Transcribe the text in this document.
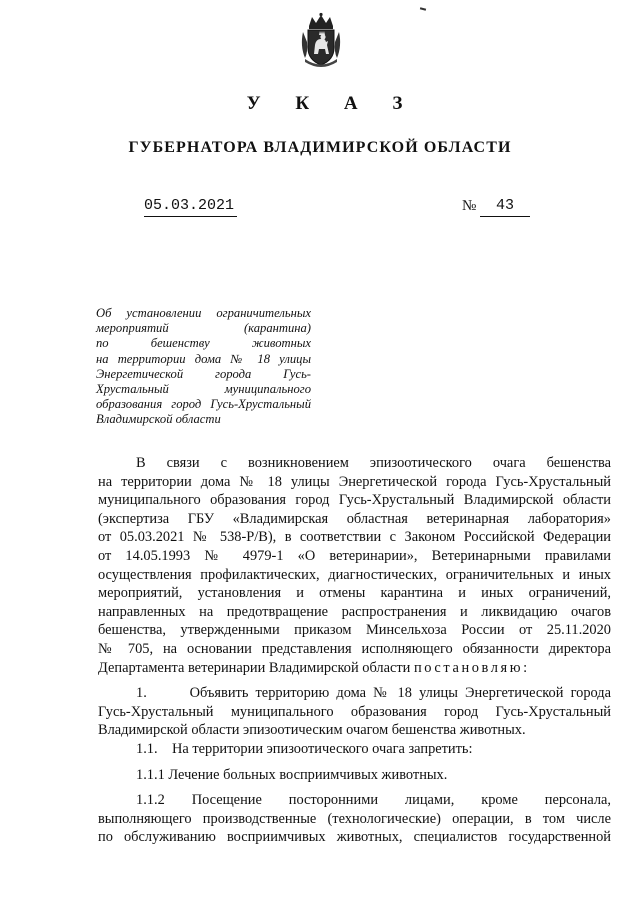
У К А З
ГУБЕРНАТОРА ВЛАДИМИРСКОЙ ОБЛАСТИ
05.03.2021	№	43
Об установлении ограничительных
мероприятий (карантина)
по бешенству животных
на территории дома № 18 улицы
Энергетической города Гусь-
Хрустальный муниципального
образования город Гусь-Хрустальный
Владимирской области
В связи с возникновением эпизоотического очага бешенства
на территории дома № 18 улицы Энергетической города Гусь-Хрустальный
муниципального образования город Гусь-Хрустальный Владимирской области
(экспертиза ГБУ «Владимирская областная ветеринарная лаборатория»
от 05.03.2021 № 538-Р/В), в соответствии с Законом Российской Федерации
от 14.05.1993 № 4979-1 «О ветеринарии», Ветеринарными правилами
осуществления профилактических, диагностических, ограничительных и иных
мероприятий, установления и отмены карантина и иных ограничений,
направленных на предотвращение распространения и ликвидацию очагов
бешенства, утвержденными приказом Минсельхоза России от 25.11.2020
№ 705, на основании представления исполняющего обязанности директора
Департамента ветеринарии Владимирской области постановляю:
1.      Объявить территорию дома № 18 улицы Энергетической города
Гусь-Хрустальный муниципального образования город Гусь-Хрустальный
Владимирской области эпизоотическим очагом бешенства животных.
1.1.    На территории эпизоотического очага запретить:
1.1.1 Лечение больных восприимчивых животных.
1.1.2 Посещение посторонними лицами, кроме персонала,
выполняющего производственные (технологические) операции, в том числе
по обслуживанию восприимчивых животных, специалистов государственной
